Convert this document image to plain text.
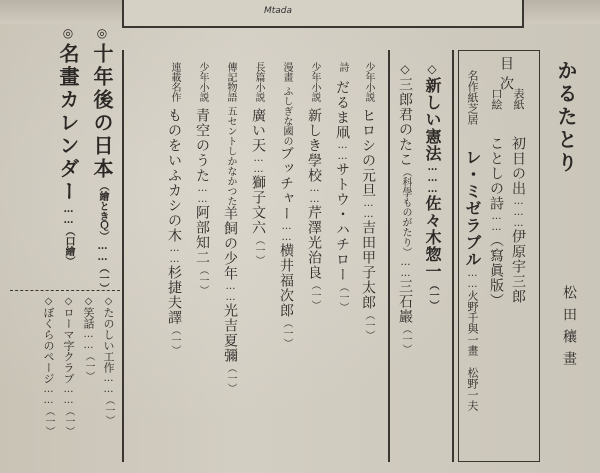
Mtada
かるたとり
松田穰畫
目次
表紙 初日の出………伊原宇三郎
口絵 ことしの詩……（寫眞版）
名作紙芝居 レ・ミゼラブル……火野千與一畫　松野一夫
◇新しい憲法………佐々木惣一（一）
◇三郎君のたこ（科學ものがたり）……三石巖（一）
少年小説ヒロシの元旦……吉田甲子太郎（一）
詩だるま凧……サトウ・ハチロー（一）
少年小説新しき學校……芹澤光治良（一）
漫畫ふしぎな國のブッチャー……横井福次郎（一）
長篇小説廣い天……獅子文六（一）
傳記物語五セントしかなかつた羊飼の少年……光吉夏彌（一）
少年小説青空のうた……阿部知二（一）
連載名作ものをいふカシの木……杉捷夫譯（一）
◎十年後の日本（繪ときＱ）……（一）
◎名畫カレンダー……（口繪）
◇たのしい工作……（一）
◇笑話……（一）
◇ローマ字クラブ……（一）
◇ぼくらのページ……（一）
